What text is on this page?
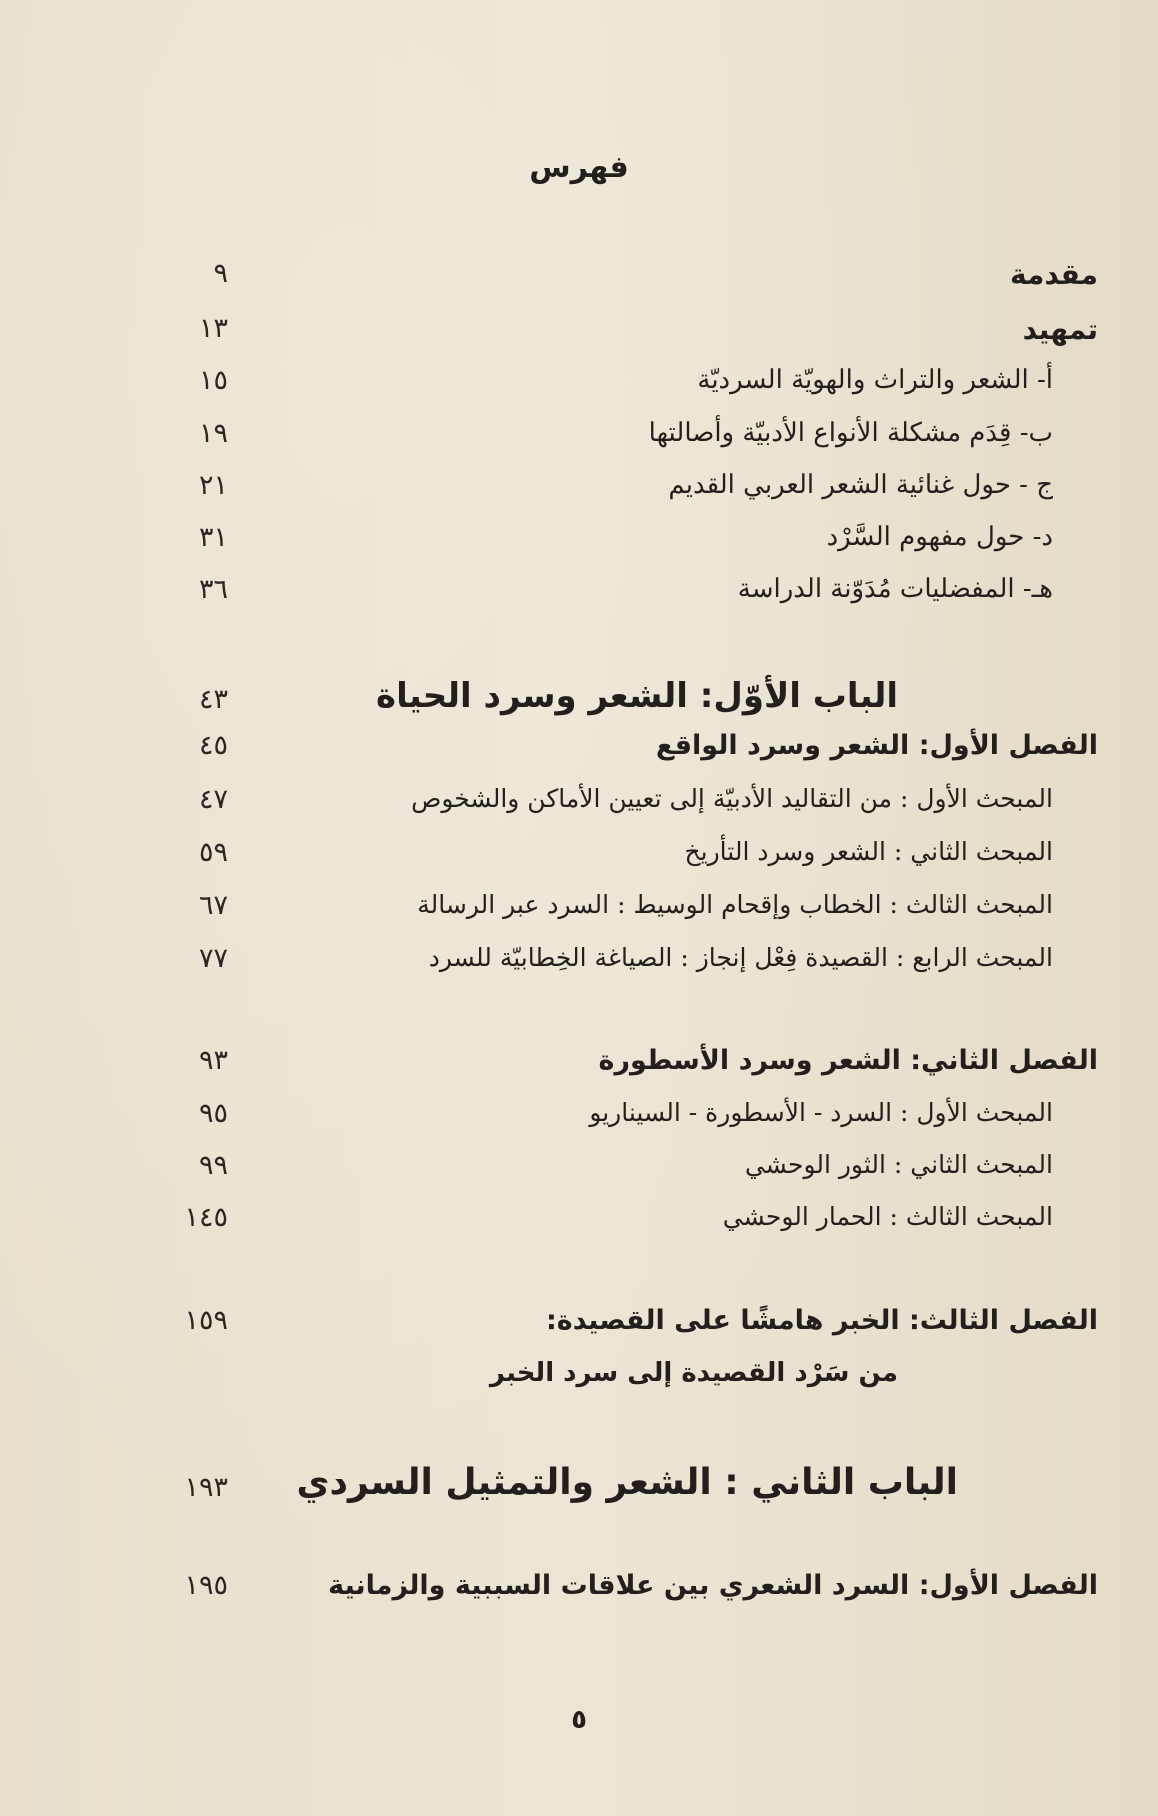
فهرس
مقدمة
٩
تمهيد
١٣
أ- الشعر والتراث والهويّة السرديّة
١٥
ب- قِدَم مشكلة الأنواع الأدبيّة وأصالتها
١٩
ج - حول غنائية الشعر العربي القديم
٢١
د- حول مفهوم السَّرْد
٣١
هـ- المفضليات مُدَوّنة الدراسة
٣٦
الباب الأوّل: الشعر وسرد الحياة
٤٣
الفصل الأول: الشعر وسرد الواقع
٤٥
المبحث الأول : من التقاليد الأدبيّة إلى تعيين الأماكن والشخوص
٤٧
المبحث الثاني : الشعر وسرد التأريخ
٥٩
المبحث الثالث : الخطاب وإقحام الوسيط : السرد عبر الرسالة
٦٧
المبحث الرابع : القصيدة فِعْل إنجاز : الصياغة الخِطابيّة للسرد
٧٧
الفصل الثاني: الشعر وسرد الأسطورة
٩٣
المبحث الأول : السرد - الأسطورة - السيناريو
٩٥
المبحث الثاني : الثور الوحشي
٩٩
المبحث الثالث : الحمار الوحشي
١٤٥
الفصل الثالث: الخبر هامشًا على القصيدة:
١٥٩
من سَرْد القصيدة إلى سرد الخبر
الباب الثاني : الشعر والتمثيل السردي
١٩٣
الفصل الأول: السرد الشعري بين علاقات السببية والزمانية
١٩٥
٥
